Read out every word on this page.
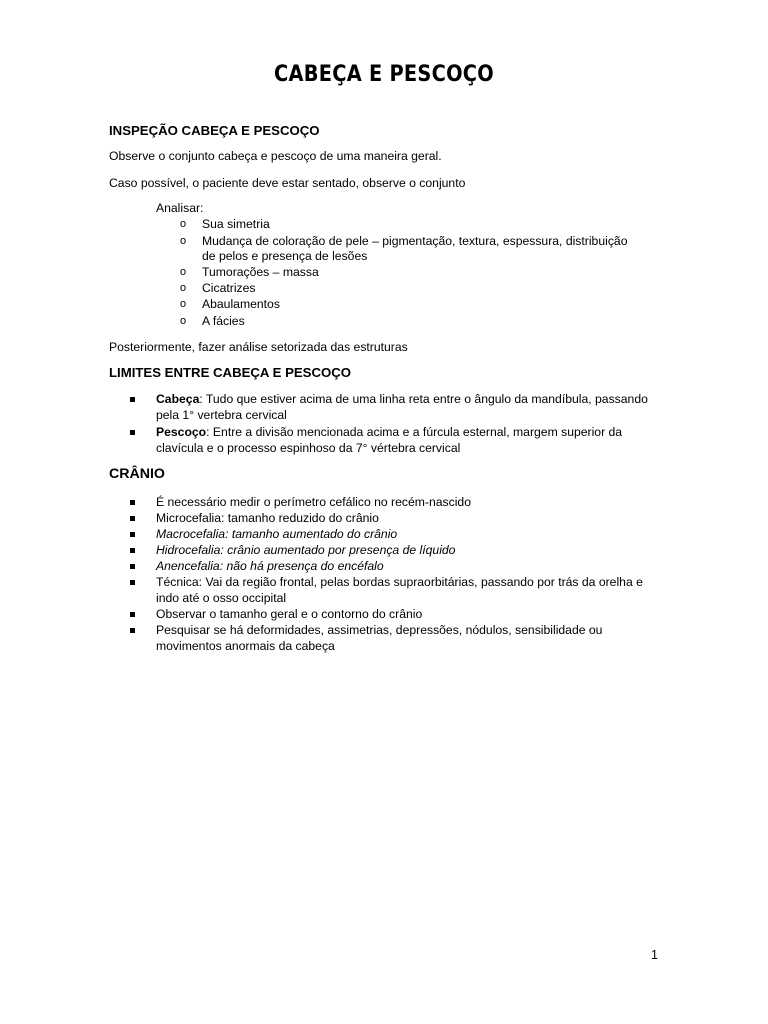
CABEÇA E PESCOÇO
INSPEÇÃO CABEÇA E PESCOÇO
Observe o conjunto cabeça e pescoço de uma maneira geral.
Caso possível, o paciente deve estar sentado, observe o conjunto
Analisar:
o Sua simetria
o Mudança de coloração de pele – pigmentação, textura, espessura, distribuição de pelos e presença de lesões
o Tumorações – massa
o Cicatrizes
o Abaulamentos
o A fácies
Posteriormente, fazer análise setorizada das estruturas
LIMITES ENTRE CABEÇA E PESCOÇO
Cabeça: Tudo que estiver acima de uma linha reta entre o ângulo da mandíbula, passando pela 1° vertebra cervical
Pescoço: Entre a divisão mencionada acima e a fúrcula esternal, margem superior da clavícula e o processo espinhoso da 7° vértebra cervical
CRÂNIO
É necessário medir o perímetro cefálico no recém-nascido
Microcefalia: tamanho reduzido do crânio
Macrocefalia: tamanho aumentado do crânio
Hidrocefalia: crânio aumentado por presença de líquido
Anencefalia: não há presença do encéfalo
Técnica: Vai da região frontal, pelas bordas supraorbitárias, passando por trás da orelha e indo até o osso occipital
Observar o tamanho geral e o contorno do crânio
Pesquisar se há deformidades, assimetrias, depressões, nódulos, sensibilidade ou movimentos anormais da cabeça
1
